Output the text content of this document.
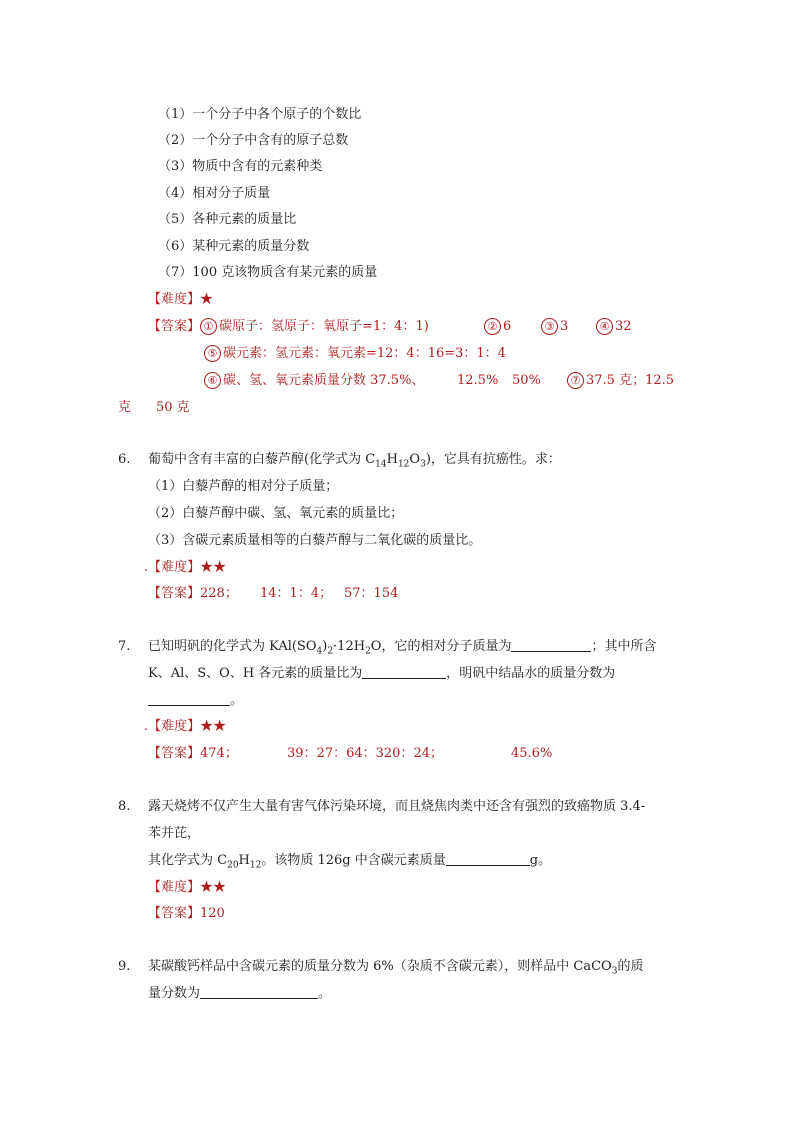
（1）一个分子中各个原子的个数比
（2）一个分子中含有的原子总数
（3）物质中含有的元素种类
（4）相对分子质量
（5）各种元素的质量比
（6）某种元素的质量分数
（7）100 克该物质含有某元素的质量
【难度】★
【答案】 ① 碳原子：氢原子：氧原子=1：4：1)	② 6	③ 3	④ 32
⑤ 碳元素：氢元素：氧元素=12：4：16=3：1：4
⑥ 碳、氢、氧元素质量分数 37.5%、	12.5% 50%	⑦ 37.5 克；12.5
克 50 克
6. 葡萄中含有丰富的白藜芦醇(化学式为 $C_{14}H_{12}O_3$)，它具有抗癌性。求：
（1）白藜芦醇的相对分子质量；
（2）白藜芦醇中碳、氢、氧元素的质量比；
（3）含碳元素质量相等的白藜芦醇与二氧化碳的质量比。
.【难度】★★
【答案】228； 14：1：4； 57：154
7. 已知明矾的化学式为 $KAl(SO_4)_2\cdot 12H_2O$，它的相对分子质量为	；其中所含
K、Al、S、O、H 各元素的质量比为	，明矾中结晶水的质量分数为
。
.【难度】★★
【答案】474；	39：27：64：320：24；	45.6%
8. 露天烧烤不仅产生大量有害气体污染环境，而且烧焦肉类中还含有强烈的致癌物质 3.4-
苯并芘，
其化学式为 $C_{20}H_{12}$。该物质 126g 中含碳元素质量	g。
【难度】★★
【答案】120
9. 某碳酸钙样品中含碳元素的质量分数为 6%（杂质不含碳元素），则样品中 CaCO$_3$的质
量分数为	。
